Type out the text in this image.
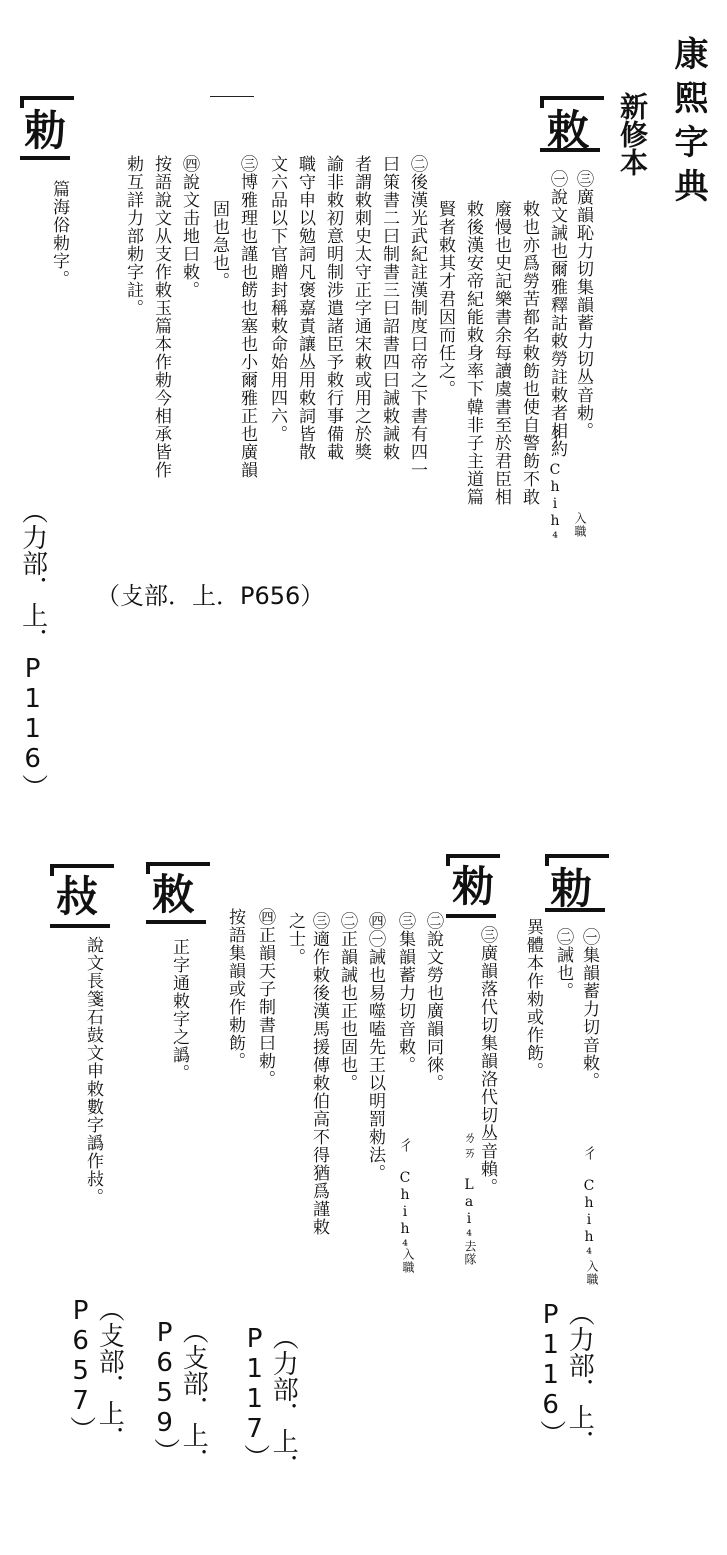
康熙字典
新修本
敕
㊂廣韻恥力切集韻蓄力切丛音勅。
㊀說文誡也爾雅釋詁敕勞註敕者相約
敕也亦爲勞苦都名敕飭也使自警飭不敢
廢慢也史記樂書余每讀虞書至於君臣相
敕後漢安帝紀能敕身率下韓非子主道篇
賢者敕其才君因而任之。
㊁後漢光武紀註漢制度曰帝之下書有四一
曰策書二曰制書三曰詔書四曰誡敕誡敕
者謂敕刺史太守正字通宋敕或用之於獎
諭非敕初意明制涉遣諸臣予敕行事備載
職守申以勉詞凡褒嘉責讓丛用敕詞皆散
文六品以下官贈封稱敕命始用四六。
㊂博雅理也謹也餝也塞也小爾雅正也廣韻
固也急也。
㊃說文击地曰敕。
按語說文从支作敕玉篇本作勅今相承皆作
勅互詳力部勅字註。
彳 Chih⁴ 入職
（攴部．上．P656）
勅
篇海俗勅字。
（力部．上．P116）
勅
㊀集韻蓄力切音敕。
㊁誡也。
異體本作勑或作飭。
彳 Chih⁴
入職
（力部．上．P116）
勑
㊂廣韻落代切集韻洛代切丛音賴。
㊁說文勞也廣韻同徠。
㊂集韻蓄力切音敕。
㊃㊀誡也易噬嗑先王以明罰勑法。
㊁正韻誡也正也固也。
㊂適作敕後漢馬援傳敕伯高不得猶爲謹敕
之士。
ㄌㄞ Lai⁴
去隊
彳 Chih⁴
入職
（力部．上．P117）
敇
正字通敕字之譌。	㊃正韻天子制書曰勅。
按語集韻或作勅飭。
（攴部．上．P659）
敊
說文長箋石鼓文申敕數字譌作敊。
（攴部．上．P657）
